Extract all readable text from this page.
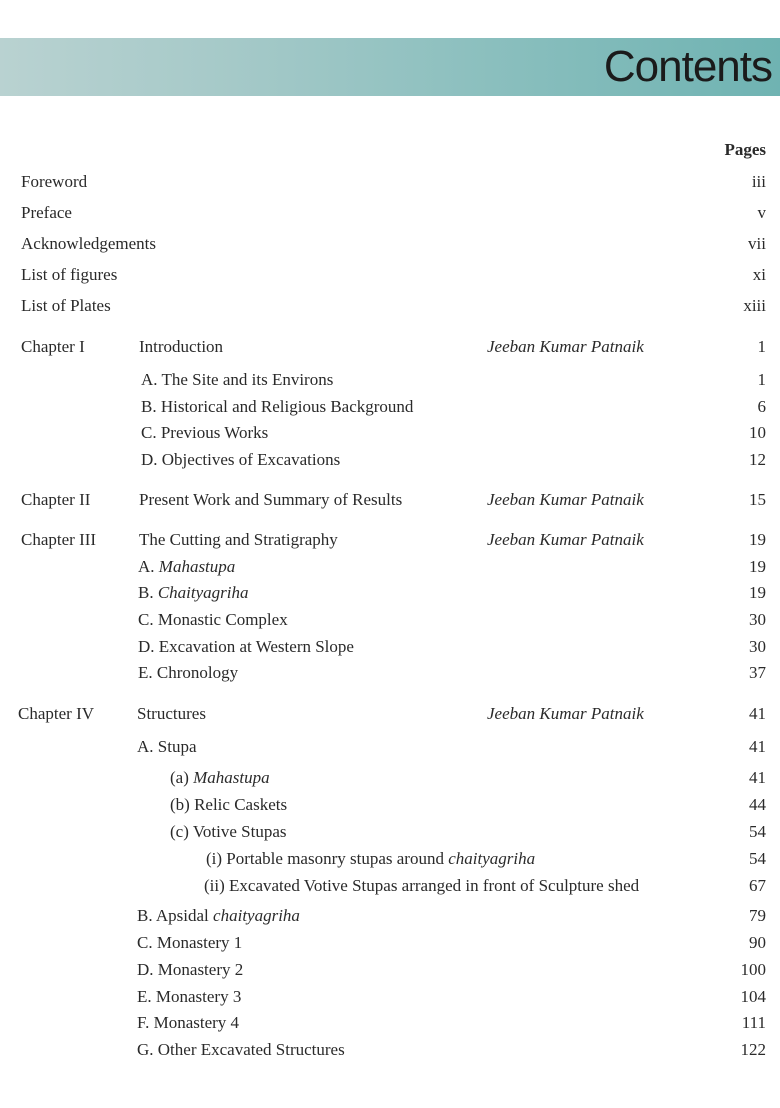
Contents
Pages
Foreword	iii
Preface	v
Acknowledgements	vii
List of figures	xi
List of Plates	xiii
Chapter I	Introduction	Jeeban Kumar Patnaik	1
A. The Site and its Environs	1
B. Historical and Religious Background	6
C. Previous Works	10
D. Objectives of Excavations	12
Chapter II	Present Work and Summary of Results	Jeeban Kumar Patnaik	15
Chapter III	The Cutting and Stratigraphy	Jeeban Kumar Patnaik	19
A. Mahastupa	19
B. Chaityagriha	19
C. Monastic Complex	30
D. Excavation at Western Slope	30
E. Chronology	37
Chapter IV	Structures	Jeeban Kumar Patnaik	41
A. Stupa	41
(a) Mahastupa	41
(b) Relic Caskets	44
(c) Votive Stupas	54
(i) Portable masonry stupas around chaityagriha	54
(ii) Excavated Votive Stupas arranged in front of Sculpture shed	67
B. Apsidal chaityagriha	79
C. Monastery 1	90
D. Monastery 2	100
E. Monastery 3	104
F. Monastery 4	111
G. Other Excavated Structures	122
